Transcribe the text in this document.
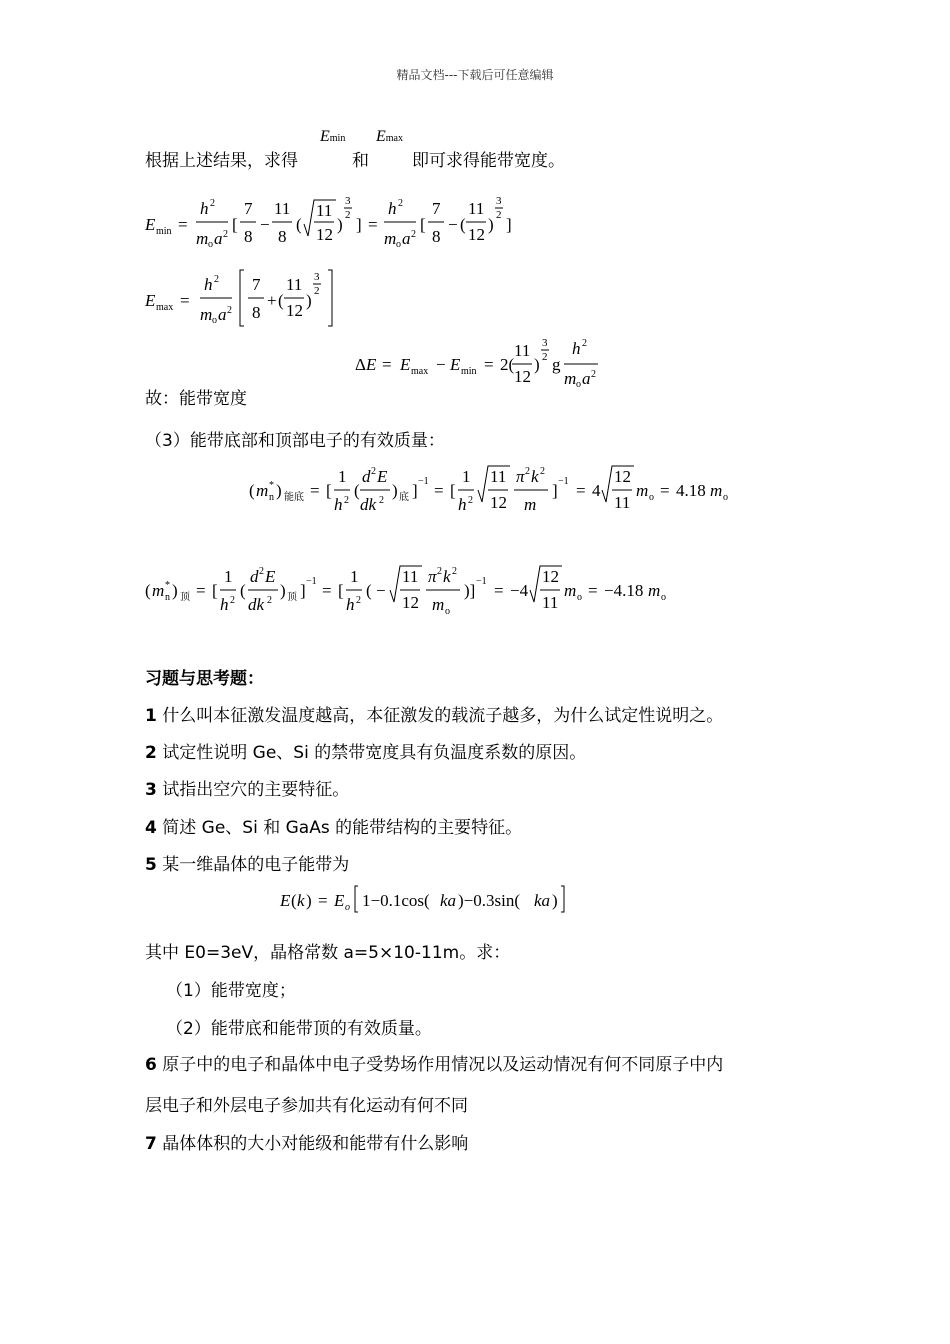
精品文档---下载后可任意编辑
根据上述结果，求得
Emin
和
Emax
即可求得能带宽度。
E min =
h 2
m o a 2
[
7
8
−
11
8
(
11
12
)
3
2 ] =
h 2
m o a 2
[
7
8
− (
11
12
)
3
2 ]
E max =
h 2
m o a 2
7
8
+ (
11
12
)
3
2
Δ E = E max − E min = 2(
11
12
)
3
2 g
h 2
m o a 2
故：能带宽度
（3）能带底部和顶部电子的有效质量：
( m n
* ) 能底 = [
1
h 2
(
d 2 E
dk 2
) 底 ] −1 = [
1
h 2
11
12
π 2 k 2
m
] −1 = 4
12
11
m o = 4.18 m o
( m n
* ) 顶 = [
1
h 2
(
d 2 E
dk 2
) 顶 ] −1 = [
1
h 2
( −
11
12
π 2 k 2
m o
)] −1 = −4
12
11
m o = −4.18 m o
习题与思考题：
1 什么叫本征激发温度越高，本征激发的载流子越多，为什么试定性说明之。
2 试定性说明 Ge、Si 的禁带宽度具有负温度系数的原因。
3 试指出空穴的主要特征。
4 简述 Ge、Si 和 GaAs 的能带结构的主要特征。
5 某一维晶体的电子能带为
E ( k ) = E o 1−0.1cos( ka )−0.3sin( ka )
其中 E0=3eV，晶格常数 a=5×10-11m。求：
（1）能带宽度；
（2）能带底和能带顶的有效质量。
6 原子中的电子和晶体中电子受势场作用情况以及运动情况有何不同原子中内
层电子和外层电子参加共有化运动有何不同
7 晶体体积的大小对能级和能带有什么影响
